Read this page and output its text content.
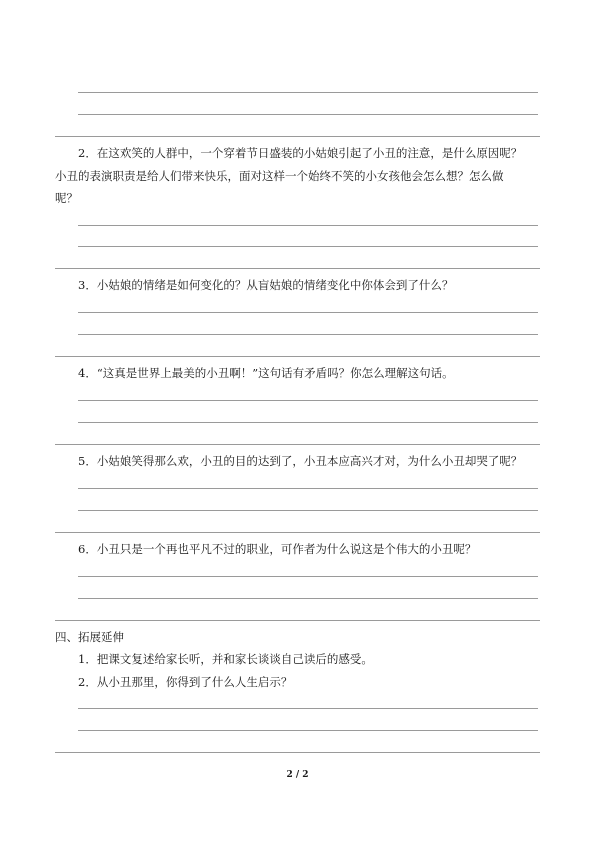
2．在这欢笑的人群中，一个穿着节日盛装的小姑娘引起了小丑的注意，是什么原因呢？
小丑的表演职责是给人们带来快乐，面对这样一个始终不笑的小女孩他会怎么想？怎么做
呢？
3．小姑娘的情绪是如何变化的？从盲姑娘的情绪变化中你体会到了什么？
4．“这真是世界上最美的小丑啊！”这句话有矛盾吗？你怎么理解这句话。
5．小姑娘笑得那么欢，小丑的目的达到了，小丑本应高兴才对，为什么小丑却哭了呢？
6．小丑只是一个再也平凡不过的职业，可作者为什么说这是个伟大的小丑呢？
四、拓展延伸
1．把课文复述给家长听，并和家长谈谈自己读后的感受。
2．从小丑那里，你得到了什么人生启示？
2 / 2
